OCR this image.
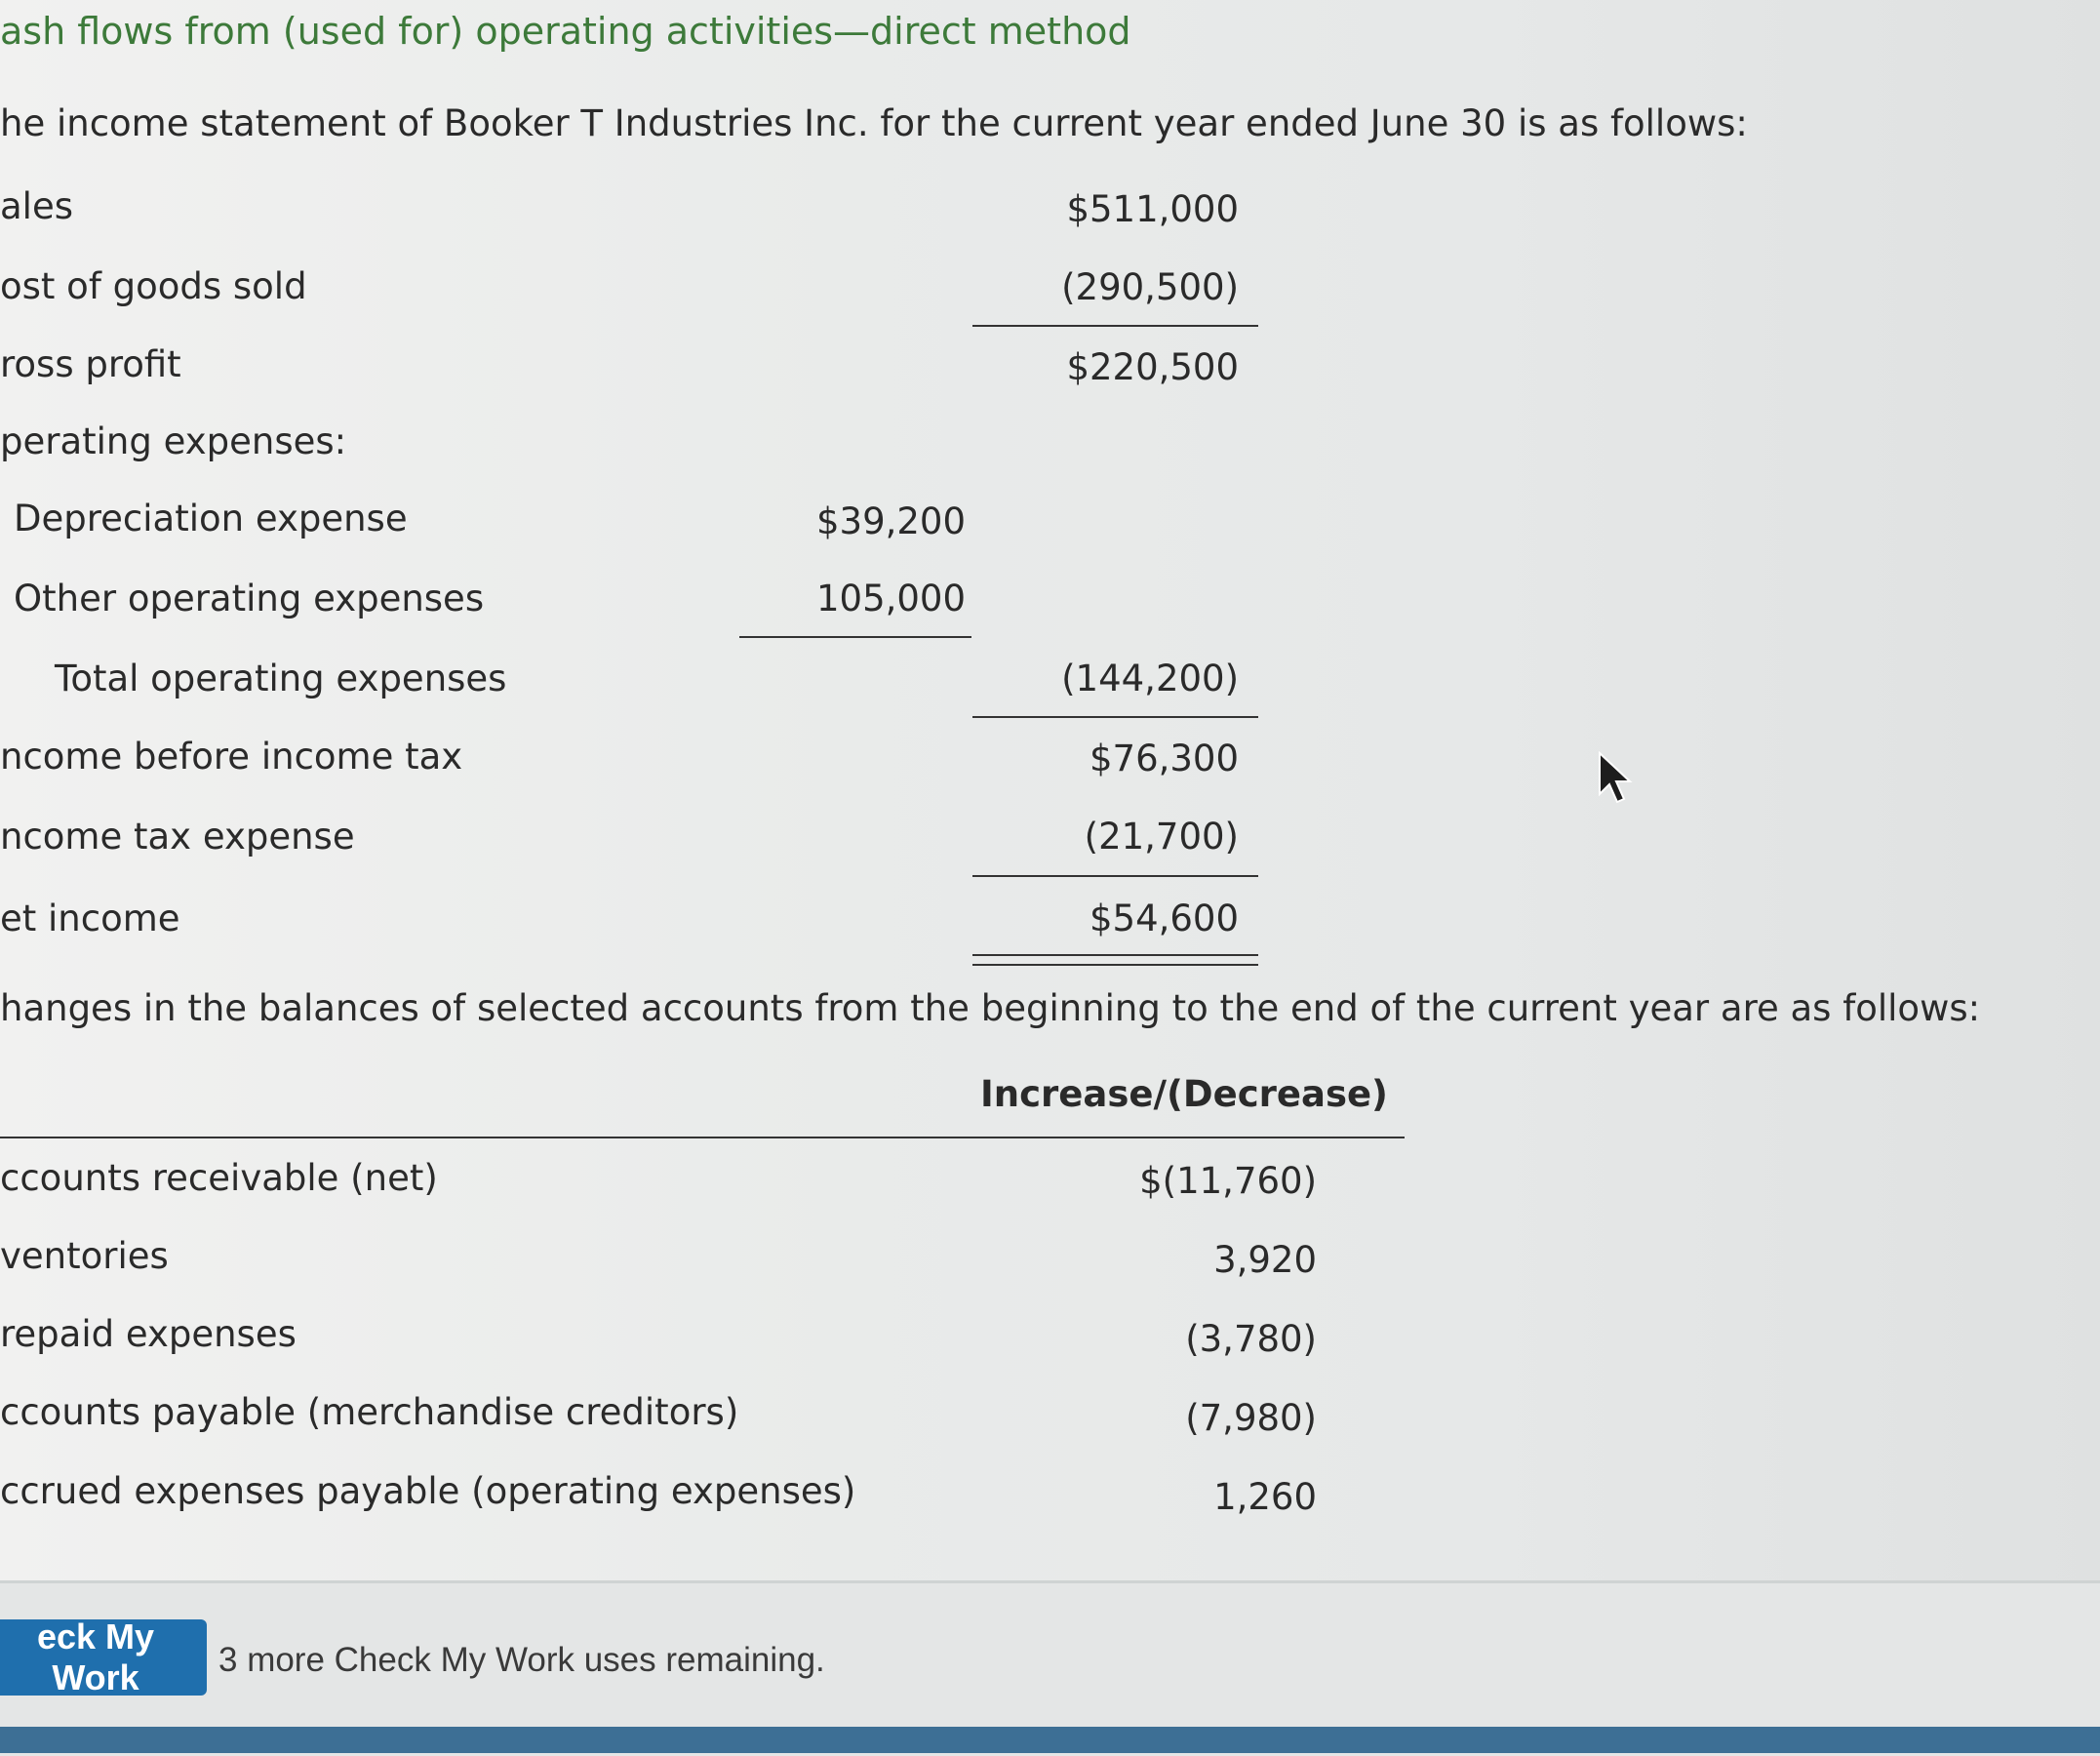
ash flows from (used for) operating activities—direct method
he income statement of Booker T Industries Inc. for the current year ended June 30 is as follows:
ales	$511,000
ost of goods sold	(290,500)
ross profit	$220,500
perating expenses:
Depreciation expense	$39,200
Other operating expenses	105,000
Total operating expenses	(144,200)
ncome before income tax	$76,300
ncome tax expense	(21,700)
et income	$54,600
hanges in the balances of selected accounts from the beginning to the end of the current year are as follows:
Increase/(Decrease)
ccounts receivable (net)	$(11,760)
ventories	3,920
repaid expenses	(3,780)
ccounts payable (merchandise creditors)	(7,980)
ccrued expenses payable (operating expenses)	1,260
eck My Work	3 more Check My Work uses remaining.
